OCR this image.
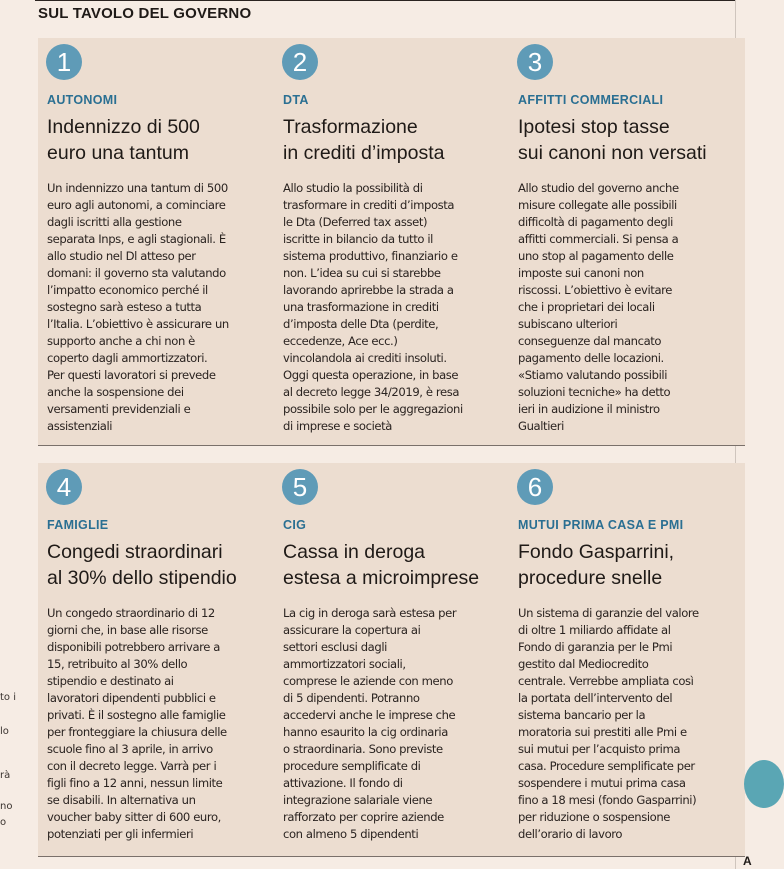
SUL TAVOLO DEL GOVERNO
1
AUTONOMI
Indennizzo di 500
euro una tantum
Un indennizzo una tantum di 500
euro agli autonomi, a cominciare
dagli iscritti alla gestione
separata Inps, e agli stagionali. È
allo studio nel Dl atteso per
domani: il governo sta valutando
l’impatto economico perché il
sostegno sarà esteso a tutta
l’Italia. L’obiettivo è assicurare un
supporto anche a chi non è
coperto dagli ammortizzatori.
Per questi lavoratori si prevede
anche la sospensione dei
versamenti previdenziali e
assistenziali
2
DTA
Trasformazione
in crediti d’imposta
Allo studio la possibilità di
trasformare in crediti d’imposta
le Dta (Deferred tax asset)
iscritte in bilancio da tutto il
sistema produttivo, finanziario e
non. L’idea su cui si starebbe
lavorando aprirebbe la strada a
una trasformazione in crediti
d’imposta delle Dta (perdite,
eccedenze, Ace ecc.)
vincolandola ai crediti insoluti.
Oggi questa operazione, in base
al decreto legge 34/2019, è resa
possibile solo per le aggregazioni
di imprese e società
3
AFFITTI COMMERCIALI
Ipotesi stop tasse
sui canoni non versati
Allo studio del governo anche
misure collegate alle possibili
difficoltà di pagamento degli
affitti commerciali. Si pensa a
uno stop al pagamento delle
imposte sui canoni non
riscossi. L’obiettivo è evitare
che i proprietari dei locali
subiscano ulteriori
conseguenze dal mancato
pagamento delle locazioni.
«Stiamo valutando possibili
soluzioni tecniche» ha detto
ieri in audizione il ministro
Gualtieri
4
FAMIGLIE
Congedi straordinari
al 30% dello stipendio
Un congedo straordinario di 12
giorni che, in base alle risorse
disponibili potrebbero arrivare a
15, retribuito al 30% dello
stipendio e destinato ai
lavoratori dipendenti pubblici e
privati. È il sostegno alle famiglie
per fronteggiare la chiusura delle
scuole fino al 3 aprile, in arrivo
con il decreto legge. Varrà per i
figli fino a 12 anni, nessun limite
se disabili. In alternativa un
voucher baby sitter di 600 euro,
potenziati per gli infermieri
5
CIG
Cassa in deroga
estesa a microimprese
La cig in deroga sarà estesa per
assicurare la copertura ai
settori esclusi dagli
ammortizzatori sociali,
comprese le aziende con meno
di 5 dipendenti. Potranno
accedervi anche le imprese che
hanno esaurito la cig ordinaria
o straordinaria. Sono previste
procedure semplificate di
attivazione. Il fondo di
integrazione salariale viene
rafforzato per coprire aziende
con almeno 5 dipendenti
6
MUTUI PRIMA CASA E PMI
Fondo Gasparrini,
procedure snelle
Un sistema di garanzie del valore
di oltre 1 miliardo affidate al
Fondo di garanzia per le Pmi
gestito dal Mediocredito
centrale. Verrebbe ampliata così
la portata dell’intervento del
sistema bancario per la
moratoria sui prestiti alle Pmi e
sui mutui per l’acquisto prima
casa. Procedure semplificate per
sospendere i mutui prima casa
fino a 18 mesi (fondo Gasparrini)
per riduzione o sospensione
dell’orario di lavoro
to i
lo
rà
no
o
A
